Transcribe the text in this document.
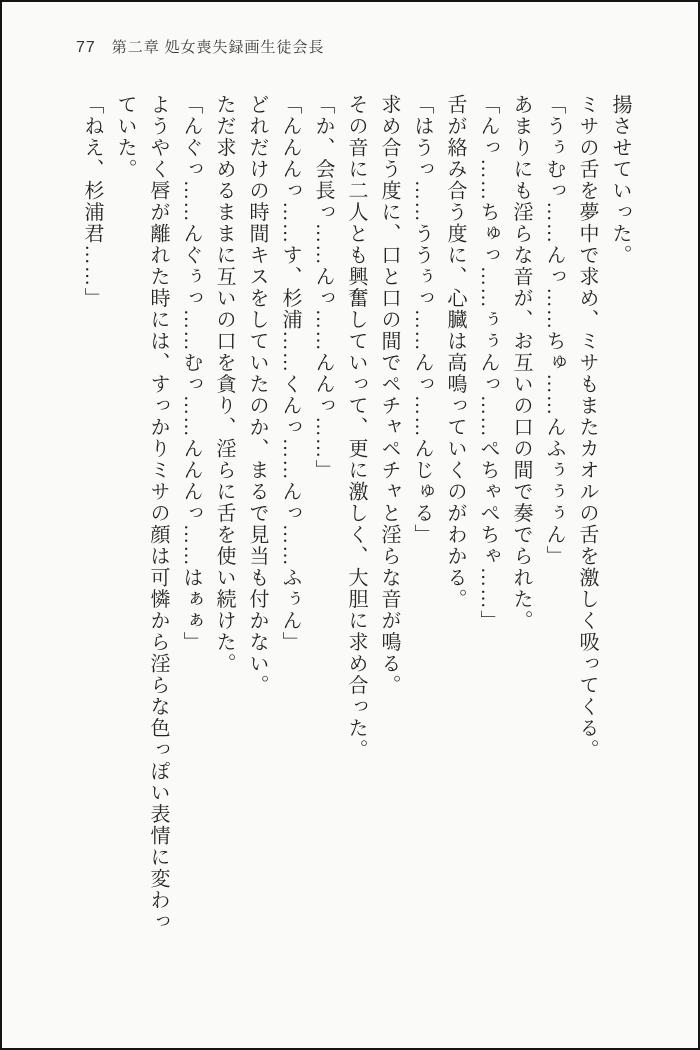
77 第二章 処女喪失録画生徒会長

揚させていった。

ミサの舌を夢中で求め、ミサもまたカオルの舌を激しく吸ってくる。

「うぅむっ……んっ……ちゅ……んふぅぅぅん」

あまりにも淫らな音が、お互いの口の間で奏でられた。

「んっ……ちゅっ……ぅぅんっ……ぺちゃぺちゃ……」

舌が絡み合う度に、心臓は高鳴っていくのがわかる。

「はうっ……ううぅっ……んっ……んじゅる」

求め合う度に、口と口の間でペチャペチャと淫らな音が鳴る。

その音に二人とも興奮していって、更に激しく、大胆に求め合った。

「か、会長っ……んっ……んんっ……」

「んんんっ……す、杉浦……くんっ……んっ……ふぅん」

どれだけの時間キスをしていたのか、まるで見当も付かない。

ただ求めるままに互いの口を貪り、淫らに舌を使い続けた。

「んぐっ……んぐぅっ……むっ……んんんっ……はぁぁ」

ようやく唇が離れた時には、すっかりミサの顔は可憐から淫らな色っぽい表情に変わっていた。

「ねえ、杉浦君……」
